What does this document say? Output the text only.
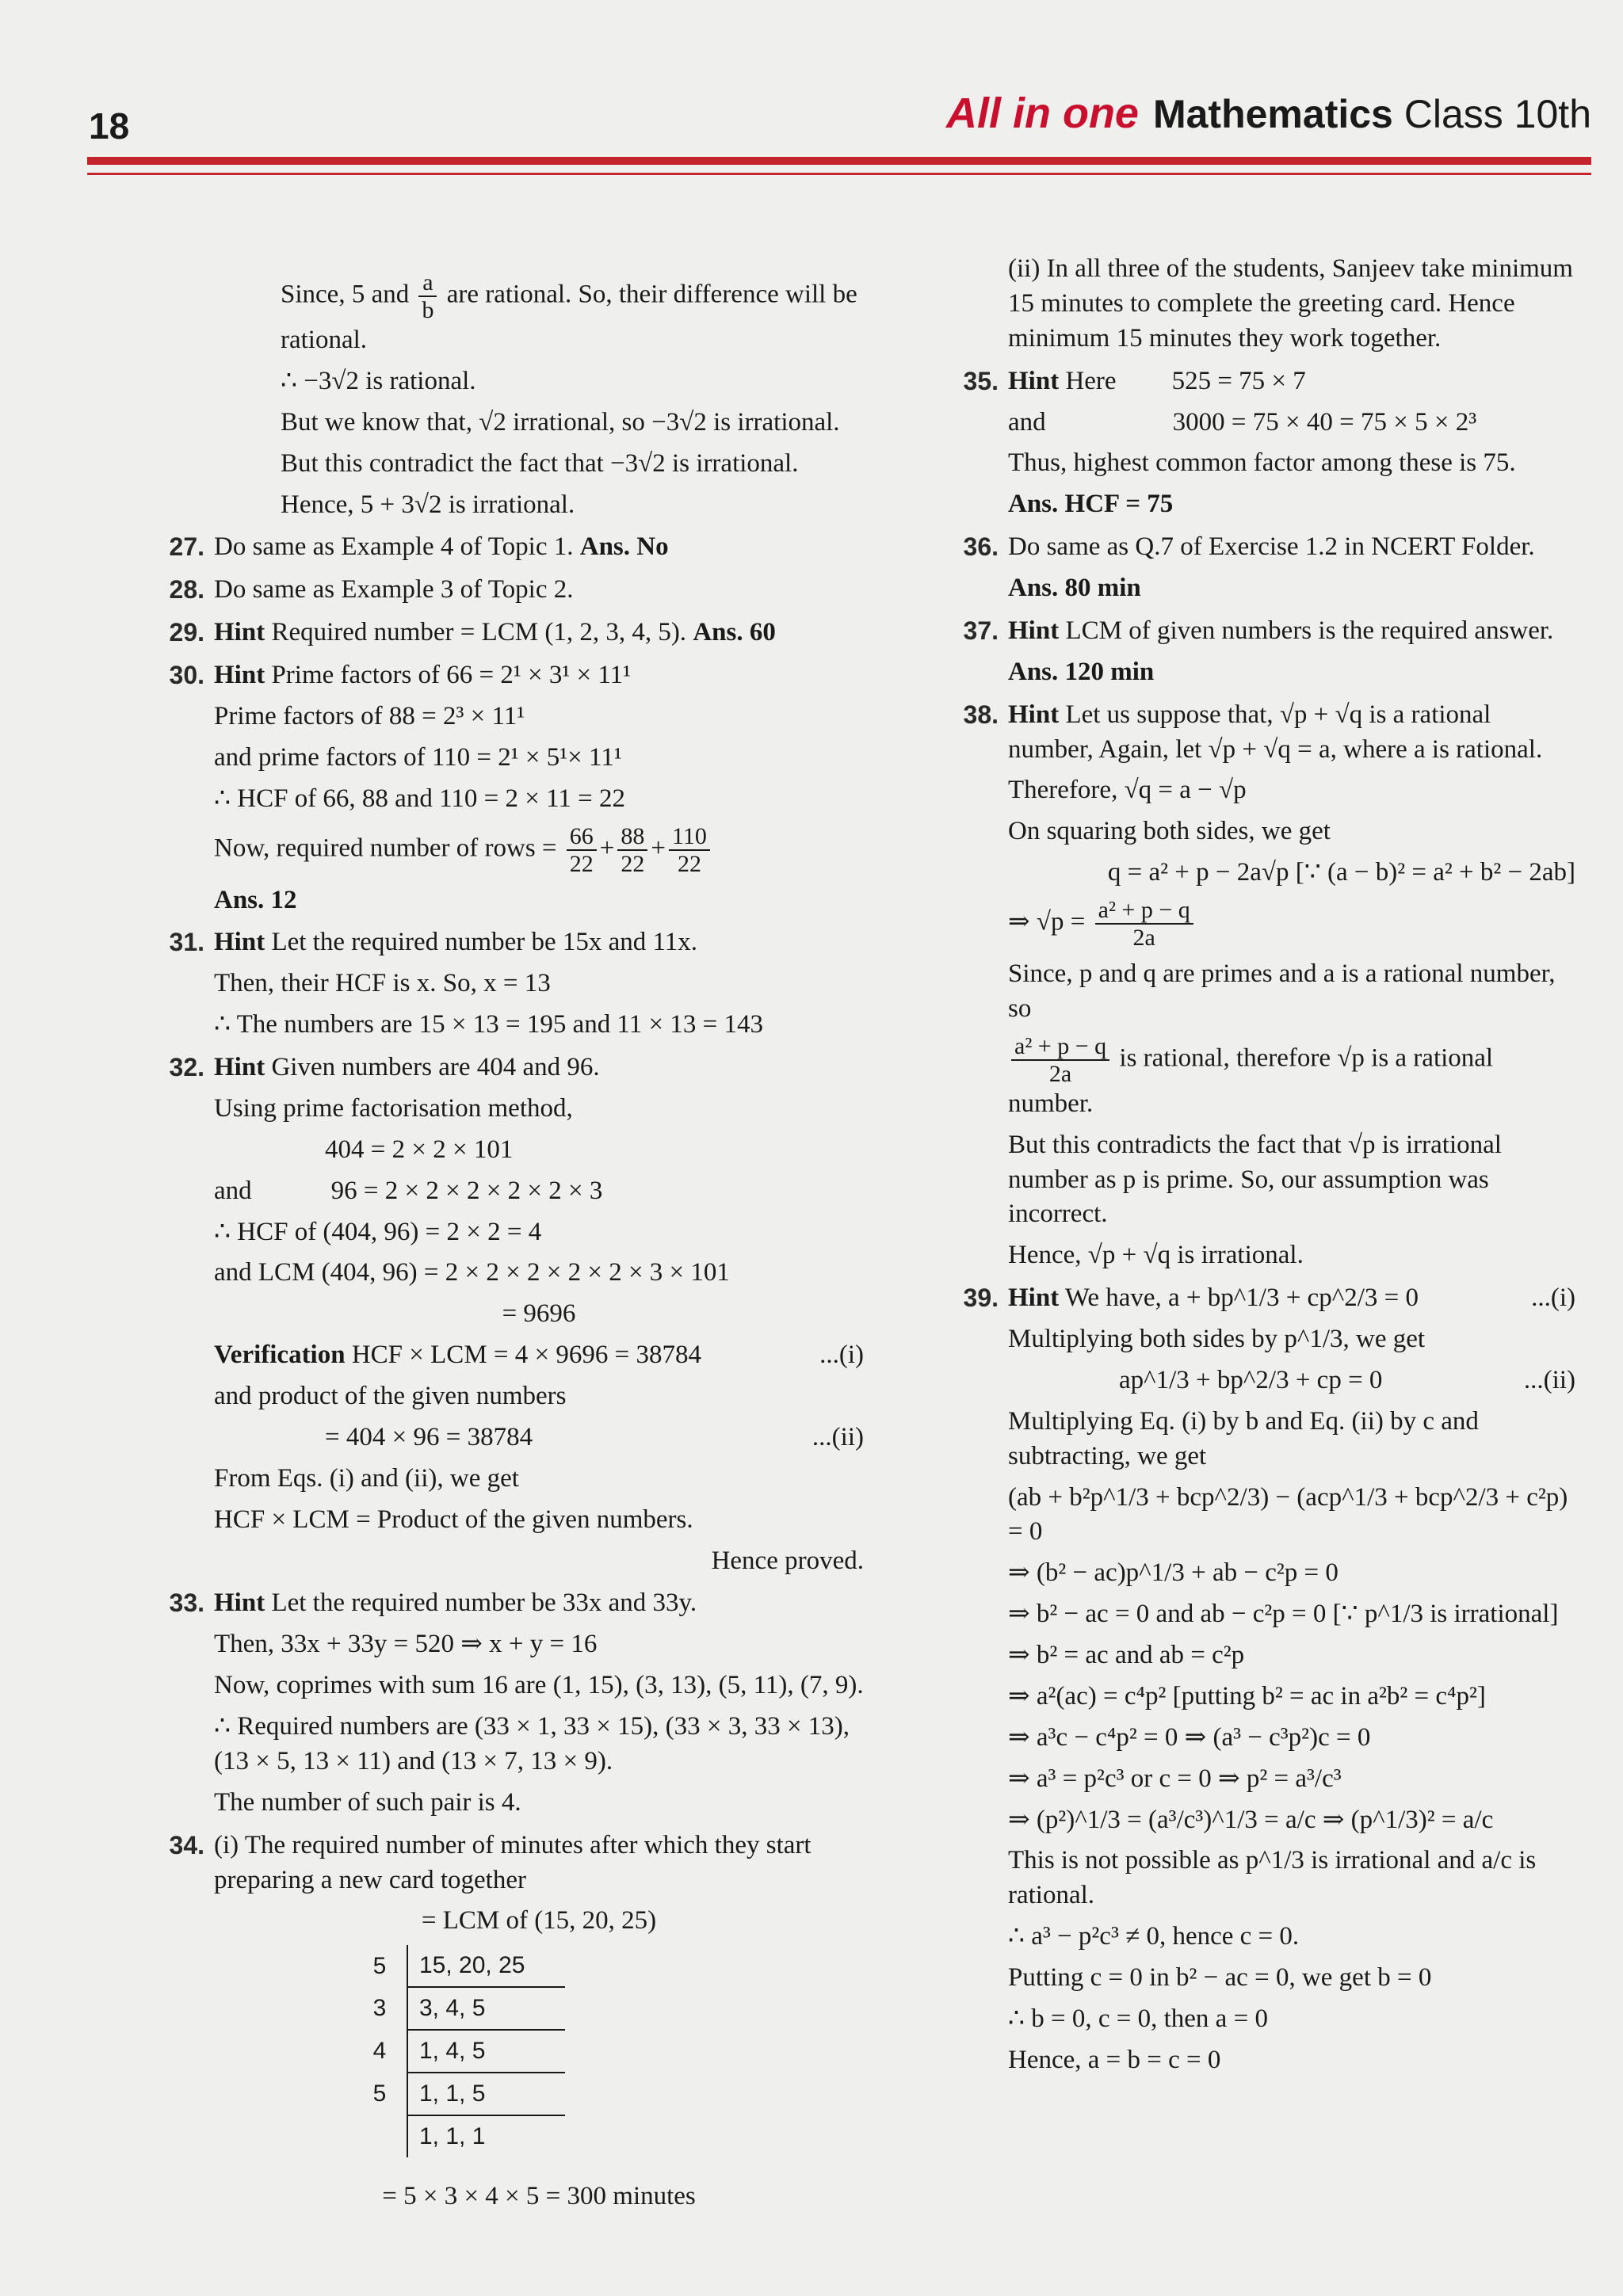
18	All in one Mathematics Class 10th

Since, 5 and $\frac{a}{b}$ are rational. So, their difference will be rational.

∴ −3√2 is rational.

But we know that, √2 irrational, so −3√2 is irrational.

But this contradict the fact that −3√2 is irrational.

Hence, 5 + 3√2 is irrational.

27. Do same as Example 4 of Topic 1. Ans. No
28. Do same as Example 3 of Topic 2.
29. Hint Required number = LCM (1, 2, 3, 4, 5). Ans. 60
30. Hint Prime factors of 66 = 2¹ × 3¹ × 11¹

Prime factors of 88 = 2³ × 11¹

and prime factors of 110 = 2¹ × 5¹× 11¹

∴ HCF of 66, 88 and 110 = 2 × 11 = 22

Now, required number of rows = $\frac{66}{22} + \frac{88}{22} + \frac{110}{22}$

Ans. 12

31. Hint Let the required number be 15x and 11x.

Then, their HCF is x. So, x = 13

∴ The numbers are 15 × 13 = 195 and 11 × 13 = 143

32. Hint Given numbers are 404 and 96.

Using prime factorisation method,

404 = 2 × 2 × 101

and	96 = 2 × 2 × 2 × 2 × 2 × 3

∴ HCF of (404, 96) = 2 × 2 = 4

and LCM (404, 96) = 2 × 2 × 2 × 2 × 2 × 3 × 101

= 9696

Verification HCF × LCM = 4 × 9696 = 38784	...(i)

and product of the given numbers

= 404 × 96 = 38784	...(ii)

From Eqs. (i) and (ii), we get

HCF × LCM = Product of the given numbers.

Hence proved.

33. Hint Let the required number be 33x and 33y.

Then, 33x + 33y = 520 ⇒ x + y = 16

Now, coprimes with sum 16 are (1, 15), (3, 13), (5, 11), (7, 9).

∴ Required numbers are (33 × 1, 33 × 15), (33 × 3, 33 × 13), (13 × 5, 13 × 11) and (13 × 7, 13 × 9).

The number of such pair is 4.

34. (i) The required number of minutes after which they start preparing a new card together

= LCM of (15, 20, 25)

5	15, 20, 25
3	3, 4, 5
4	1, 4, 5
5	1, 1, 5
	1, 1, 1

= 5 × 3 × 4 × 5 = 300 minutes

(ii) In all three of the students, Sanjeev take minimum 15 minutes to complete the greeting card. Hence minimum 15 minutes they work together.

35. Hint Here 525 = 75 × 7

and	3000 = 75 × 40 = 75 × 5 × 2³

Thus, highest common factor among these is 75.

Ans. HCF = 75

36. Do same as Q.7 of Exercise 1.2 in NCERT Folder.

Ans. 80 min

37. Hint LCM of given numbers is the required answer.

Ans. 120 min

38. Hint Let us suppose that, √p + √q is a rational number, Again, let √p + √q = a, where a is rational.

Therefore, √q = a − √p

On squaring both sides, we get

q = a² + p − 2a√p [∵ (a − b)² = a² + b² − 2ab]

⇒ $√p = \frac{\text{a² + p − q}}{2a}$

Since, p and q are primes and a is a rational number, so

$\frac{\text{a² + p − q}}{2a}$ is rational, therefore √p is a rational number.

But this contradicts the fact that √p is irrational number as p is prime. So, our assumption was incorrect.

Hence, √p + √q is irrational.

39. Hint We have, a + bp^1/3 + cp^2/3 = 0	...(i)

Multiplying both sides by p^1/3, we get

ap^1/3 + bp^2/3 + cp = 0	...(ii)

Multiplying Eq. (i) by b and Eq. (ii) by c and subtracting, we get

(ab + b²p^1/3 + bcp^2/3) − (acp^1/3 + bcp^2/3 + c²p) = 0

⇒ (b² − ac)p^1/3 + ab − c²p = 0

⇒ b² − ac = 0 and ab − c²p = 0 [∵ p^1/3 is irrational]

⇒ b² = ac and ab = c²p

⇒ a²(ac) = c⁴p² [putting b² = ac in a²b² = c⁴p²]

⇒ a³c − c⁴p² = 0 ⇒ (a³ − c³p²)c = 0

⇒ a³ = p²c³ or c = 0 ⇒ p² = a³/c³

⇒ (p²)^1/3 = (a³/c³)^1/3 = a/c ⇒ (p^1/3)² = a/c

This is not possible as p^1/3 is irrational and a/c is rational.

∴ a³ − p²c³ ≠ 0, hence c = 0.

Putting c = 0 in b² − ac = 0, we get b = 0

∴ b = 0, c = 0, then a = 0

Hence, a = b = c = 0
